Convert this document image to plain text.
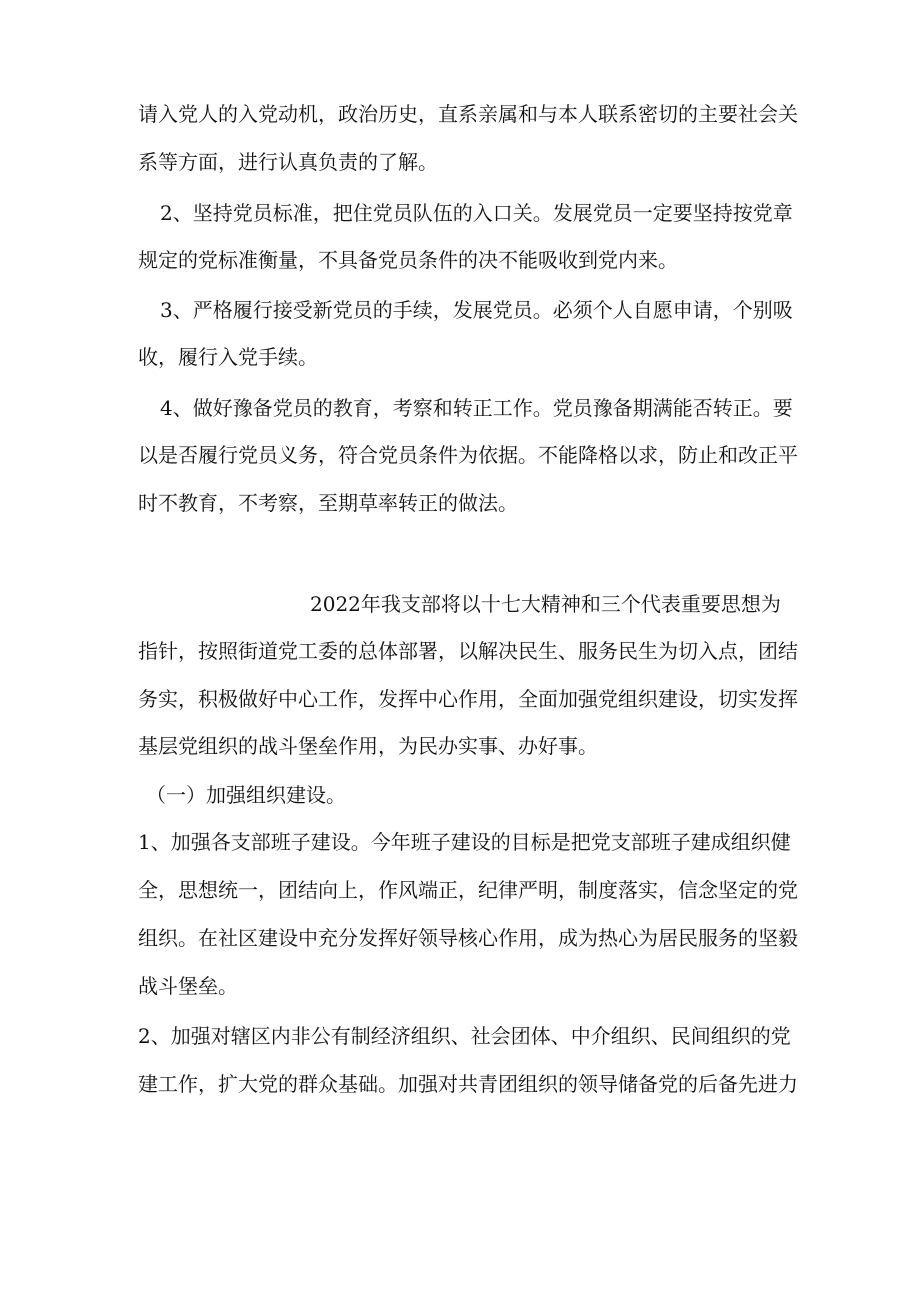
请入党人的入党动机，政治历史，直系亲属和与本人联系密切的主要社会关

系等方面，进行认真负责的了解。

2、坚持党员标准，把住党员队伍的入口关。发展党员一定要坚持按党章

规定的党标准衡量，不具备党员条件的决不能吸收到党内来。

3、严格履行接受新党员的手续，发展党员。必须个人自愿申请，个别吸

收，履行入党手续。

4、做好豫备党员的教育，考察和转正工作。党员豫备期满能否转正。要

以是否履行党员义务，符合党员条件为依据。不能降格以求，防止和改正平

时不教育，不考察，至期草率转正的做法。

2022年我支部将以十七大精神和三个代表重要思想为

指针，按照街道党工委的总体部署，以解决民生、服务民生为切入点，团结

务实，积极做好中心工作，发挥中心作用，全面加强党组织建设，切实发挥

基层党组织的战斗堡垒作用，为民办实事、办好事。

（一）加强组织建设。

1、加强各支部班子建设。今年班子建设的目标是把党支部班子建成组织健

全，思想统一，团结向上，作风端正，纪律严明，制度落实，信念坚定的党

组织。在社区建设中充分发挥好领导核心作用，成为热心为居民服务的坚毅

战斗堡垒。

2、加强对辖区内非公有制经济组织、社会团体、中介组织、民间组织的党

建工作，扩大党的群众基础。加强对共青团组织的领导储备党的后备先进力
